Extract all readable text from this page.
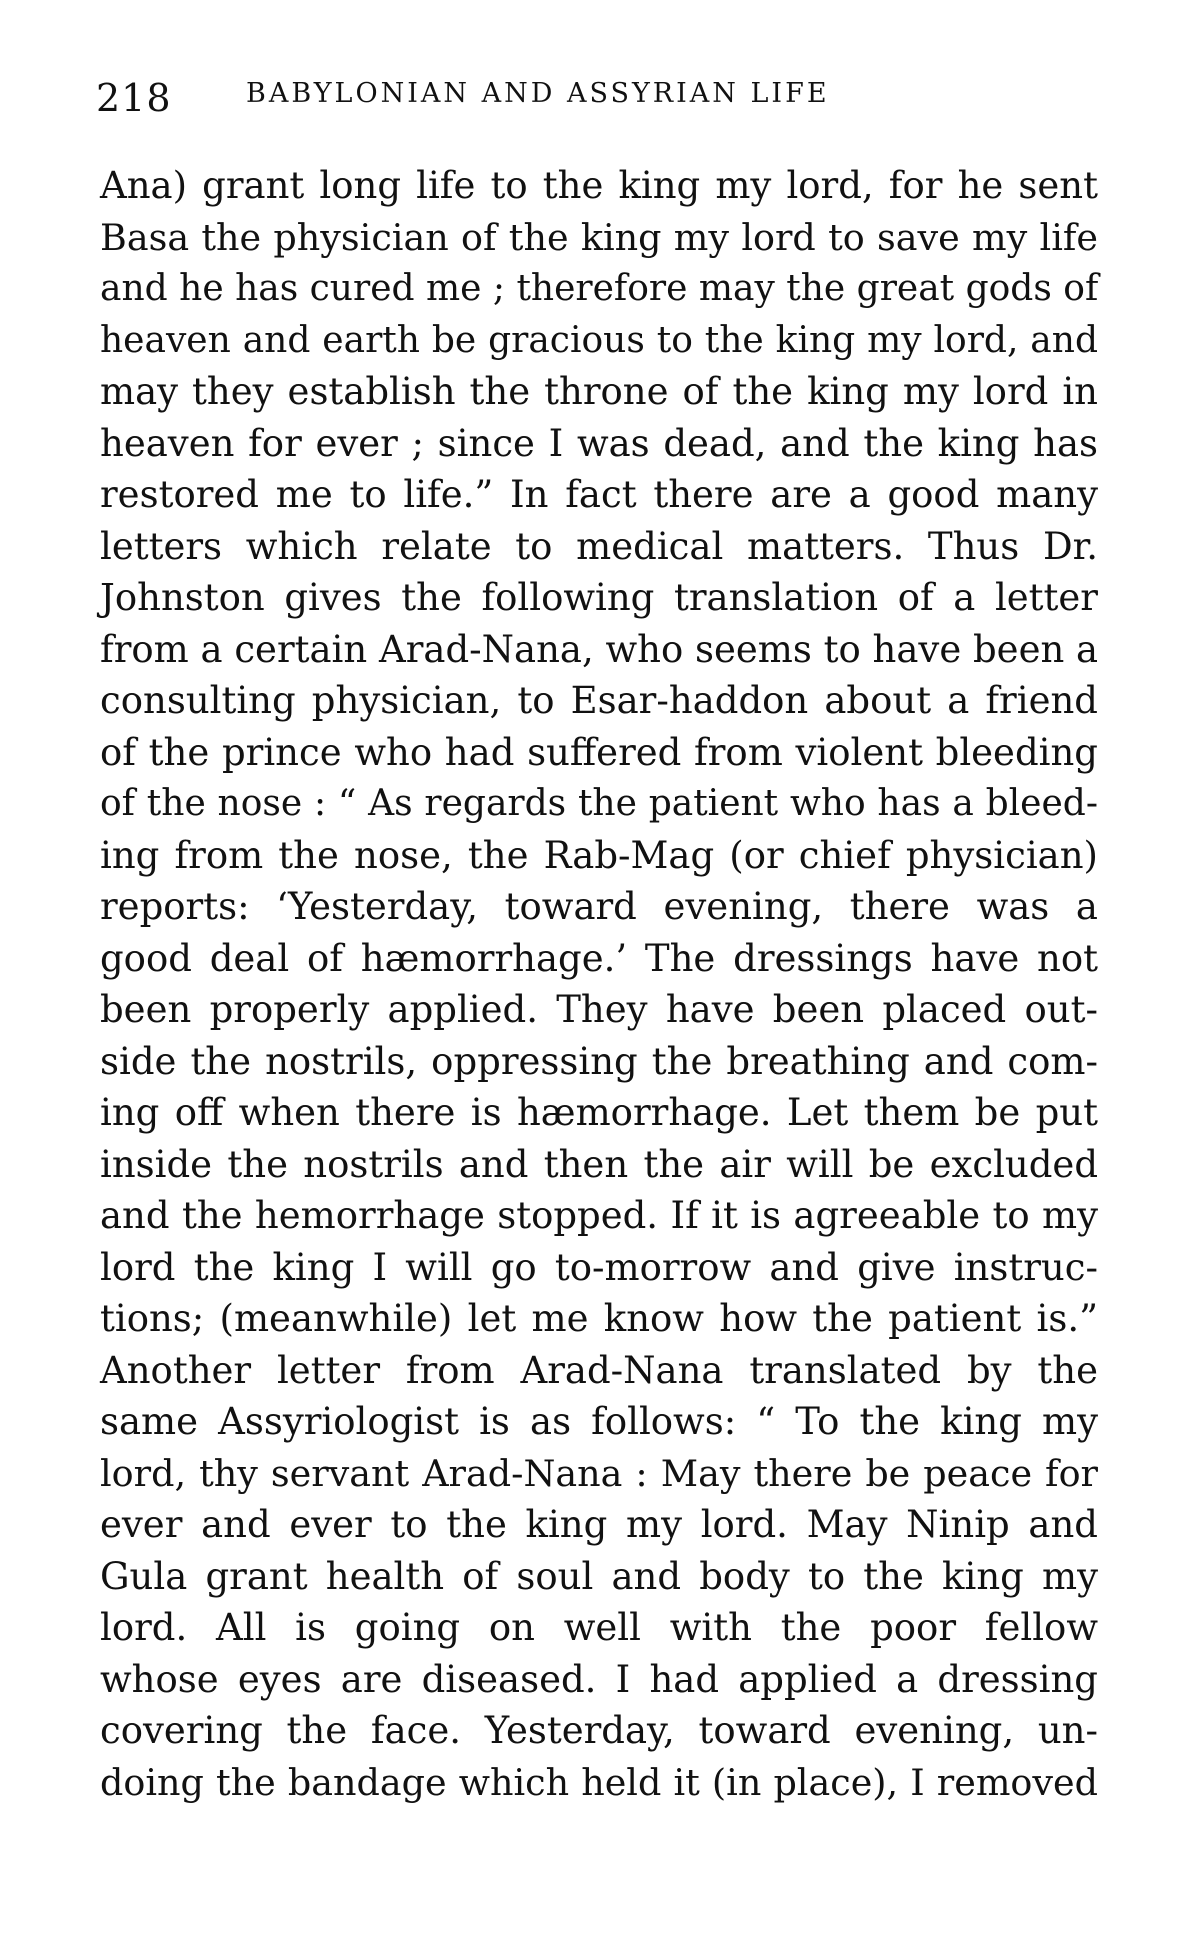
218	BABYLONIAN AND ASSYRIAN LIFE
Ana) grant long life to the king my lord, for he sent
Basa the physician of the king my lord to save my life
and he has cured me ; therefore may the great gods of
heaven and earth be gracious to the king my lord, and
may they establish the throne of the king my lord in
heaven for ever ; since I was dead, and the king has
restored me to life.” In fact there are a good many
letters which relate to medical matters. Thus Dr.
Johnston gives the following translation of a letter
from a certain Arad-Nana, who seems to have been a
consulting physician, to Esar-haddon about a friend
of the prince who had suffered from violent bleeding
of the nose : “ As regards the patient who has a bleed-
ing from the nose, the Rab-Mag (or chief physician)
reports: ‘Yesterday, toward evening, there was a
good deal of hæmorrhage.’ The dressings have not
been properly applied. They have been placed out-
side the nostrils, oppressing the breathing and com-
ing off when there is hæmorrhage. Let them be put
inside the nostrils and then the air will be excluded
and the hemorrhage stopped. If it is agreeable to my
lord the king I will go to-morrow and give instruc-
tions; (meanwhile) let me know how the patient is.”
Another letter from Arad-Nana translated by the
same Assyriologist is as follows: “ To the king my
lord, thy servant Arad-Nana : May there be peace for
ever and ever to the king my lord. May Ninip and
Gula grant health of soul and body to the king my
lord. All is going on well with the poor fellow
whose eyes are diseased. I had applied a dressing
covering the face. Yesterday, toward evening, un-
doing the bandage which held it (in place), I removed
